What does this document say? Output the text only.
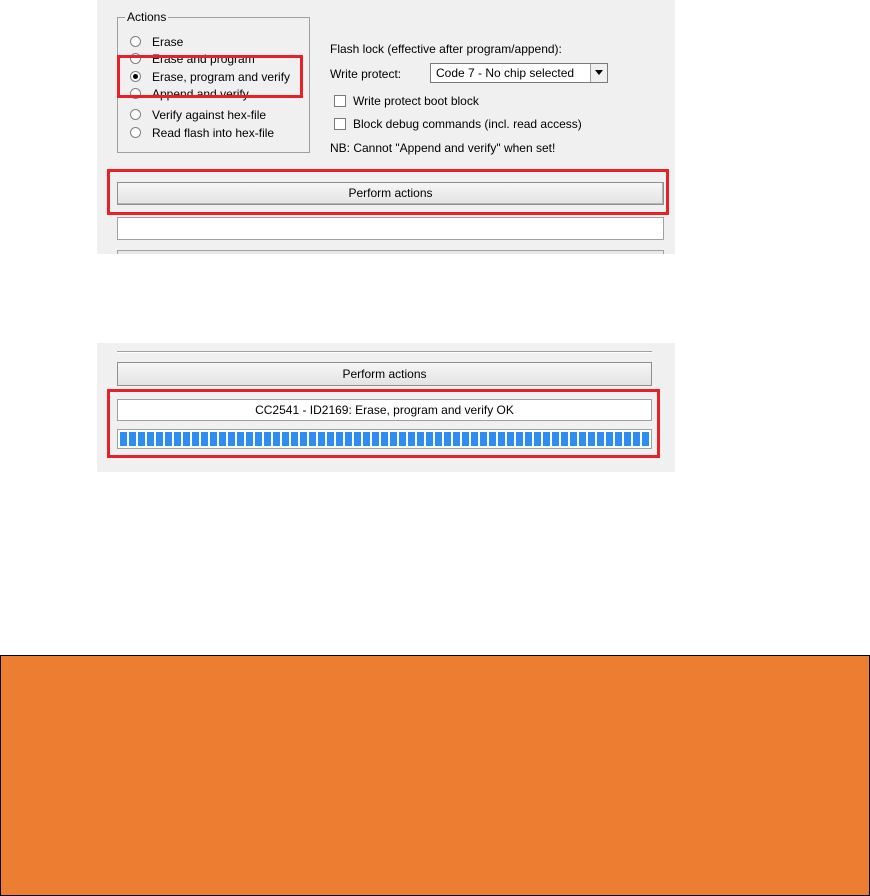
Actions
Erase
Erase and program
Erase, program and verify
Append and verify
Verify against hex-file
Read flash into hex-file
Flash lock (effective after program/append):
Write protect:	Code 7 - No chip selected
Write protect boot block
Block debug commands (incl. read access)
NB: Cannot "Append and verify" when set!
Perform actions
Perform actions
CC2541 - ID2169: Erase, program and verify OK
